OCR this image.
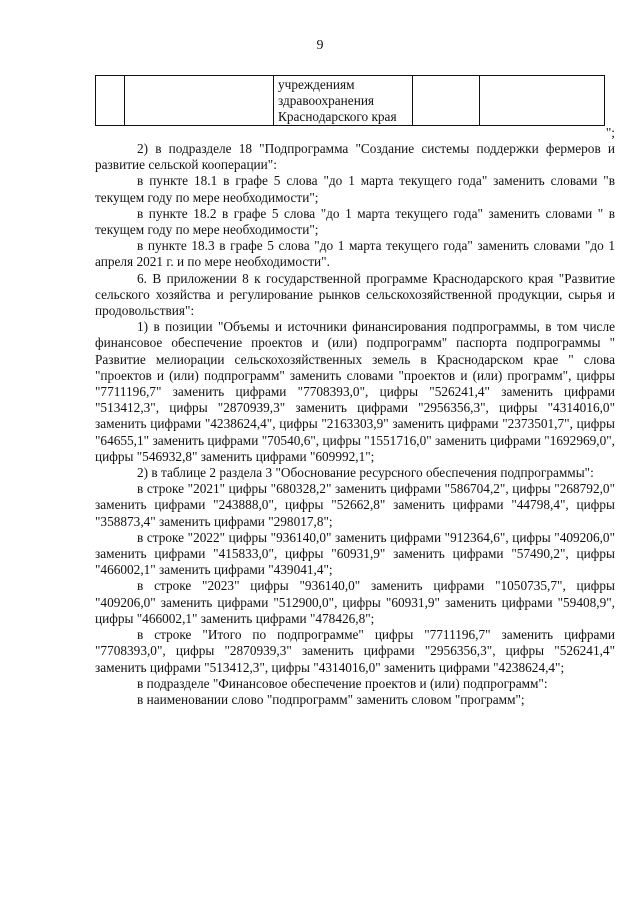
9

учреждениям
здравоохранения
Краснодарского края

";

2) в подразделе 18 "Подпрограмма "Создание системы поддержки фермеров и развитие сельской кооперации":

в пункте 18.1 в графе 5 слова "до 1 марта текущего года" заменить словами "в текущем году по мере необходимости";

в пункте 18.2 в графе 5 слова "до 1 марта текущего года" заменить словами " в текущем году по мере необходимости";

в пункте 18.3 в графе 5 слова "до 1 марта текущего года" заменить словами "до 1 апреля 2021 г. и по мере необходимости".

6. В приложении 8 к государственной программе Краснодарского края "Развитие сельского хозяйства и регулирование рынков сельскохозяйственной продукции, сырья и продовольствия":

1) в позиции "Объемы и источники финансирования подпрограммы, в том числе финансовое обеспечение проектов и (или) подпрограмм" паспорта подпрограммы " Развитие мелиорации сельскохозяйственных земель в Краснодарском крае " слова "проектов и (или) подпрограмм" заменить словами "проектов и (или) программ", цифры "7711196,7" заменить цифрами "7708393,0", цифры "526241,4" заменить цифрами "513412,3", цифры "2870939,3" заменить цифрами "2956356,3", цифры "4314016,0" заменить цифрами "4238624,4", цифры "2163303,9" заменить цифрами "2373501,7", цифры "64655,1" заменить цифрами "70540,6", цифры "1551716,0" заменить цифрами "1692969,0", цифры "546932,8" заменить цифрами "609992,1";

2) в таблице 2 раздела 3 "Обоснование ресурсного обеспечения подпрограммы":

в строке "2021" цифры "680328,2" заменить цифрами "586704,2", цифры "268792,0" заменить цифрами "243888,0", цифры "52662,8" заменить цифрами "44798,4", цифры "358873,4" заменить цифрами "298017,8";

в строке "2022" цифры "936140,0" заменить цифрами "912364,6", цифры "409206,0" заменить цифрами "415833,0", цифры "60931,9" заменить цифрами "57490,2", цифры "466002,1" заменить цифрами "439041,4";

в строке "2023" цифры "936140,0" заменить цифрами "1050735,7", цифры "409206,0" заменить цифрами "512900,0", цифры "60931,9" заменить цифрами "59408,9", цифры "466002,1" заменить цифрами "478426,8";

в строке "Итого по подпрограмме" цифры "7711196,7" заменить цифрами "7708393,0", цифры "2870939,3" заменить цифрами "2956356,3", цифры "526241,4" заменить цифрами "513412,3", цифры "4314016,0" заменить цифрами "4238624,4";

в подразделе "Финансовое обеспечение проектов и (или) подпрограмм":

в наименовании слово "подпрограмм" заменить словом "программ";
